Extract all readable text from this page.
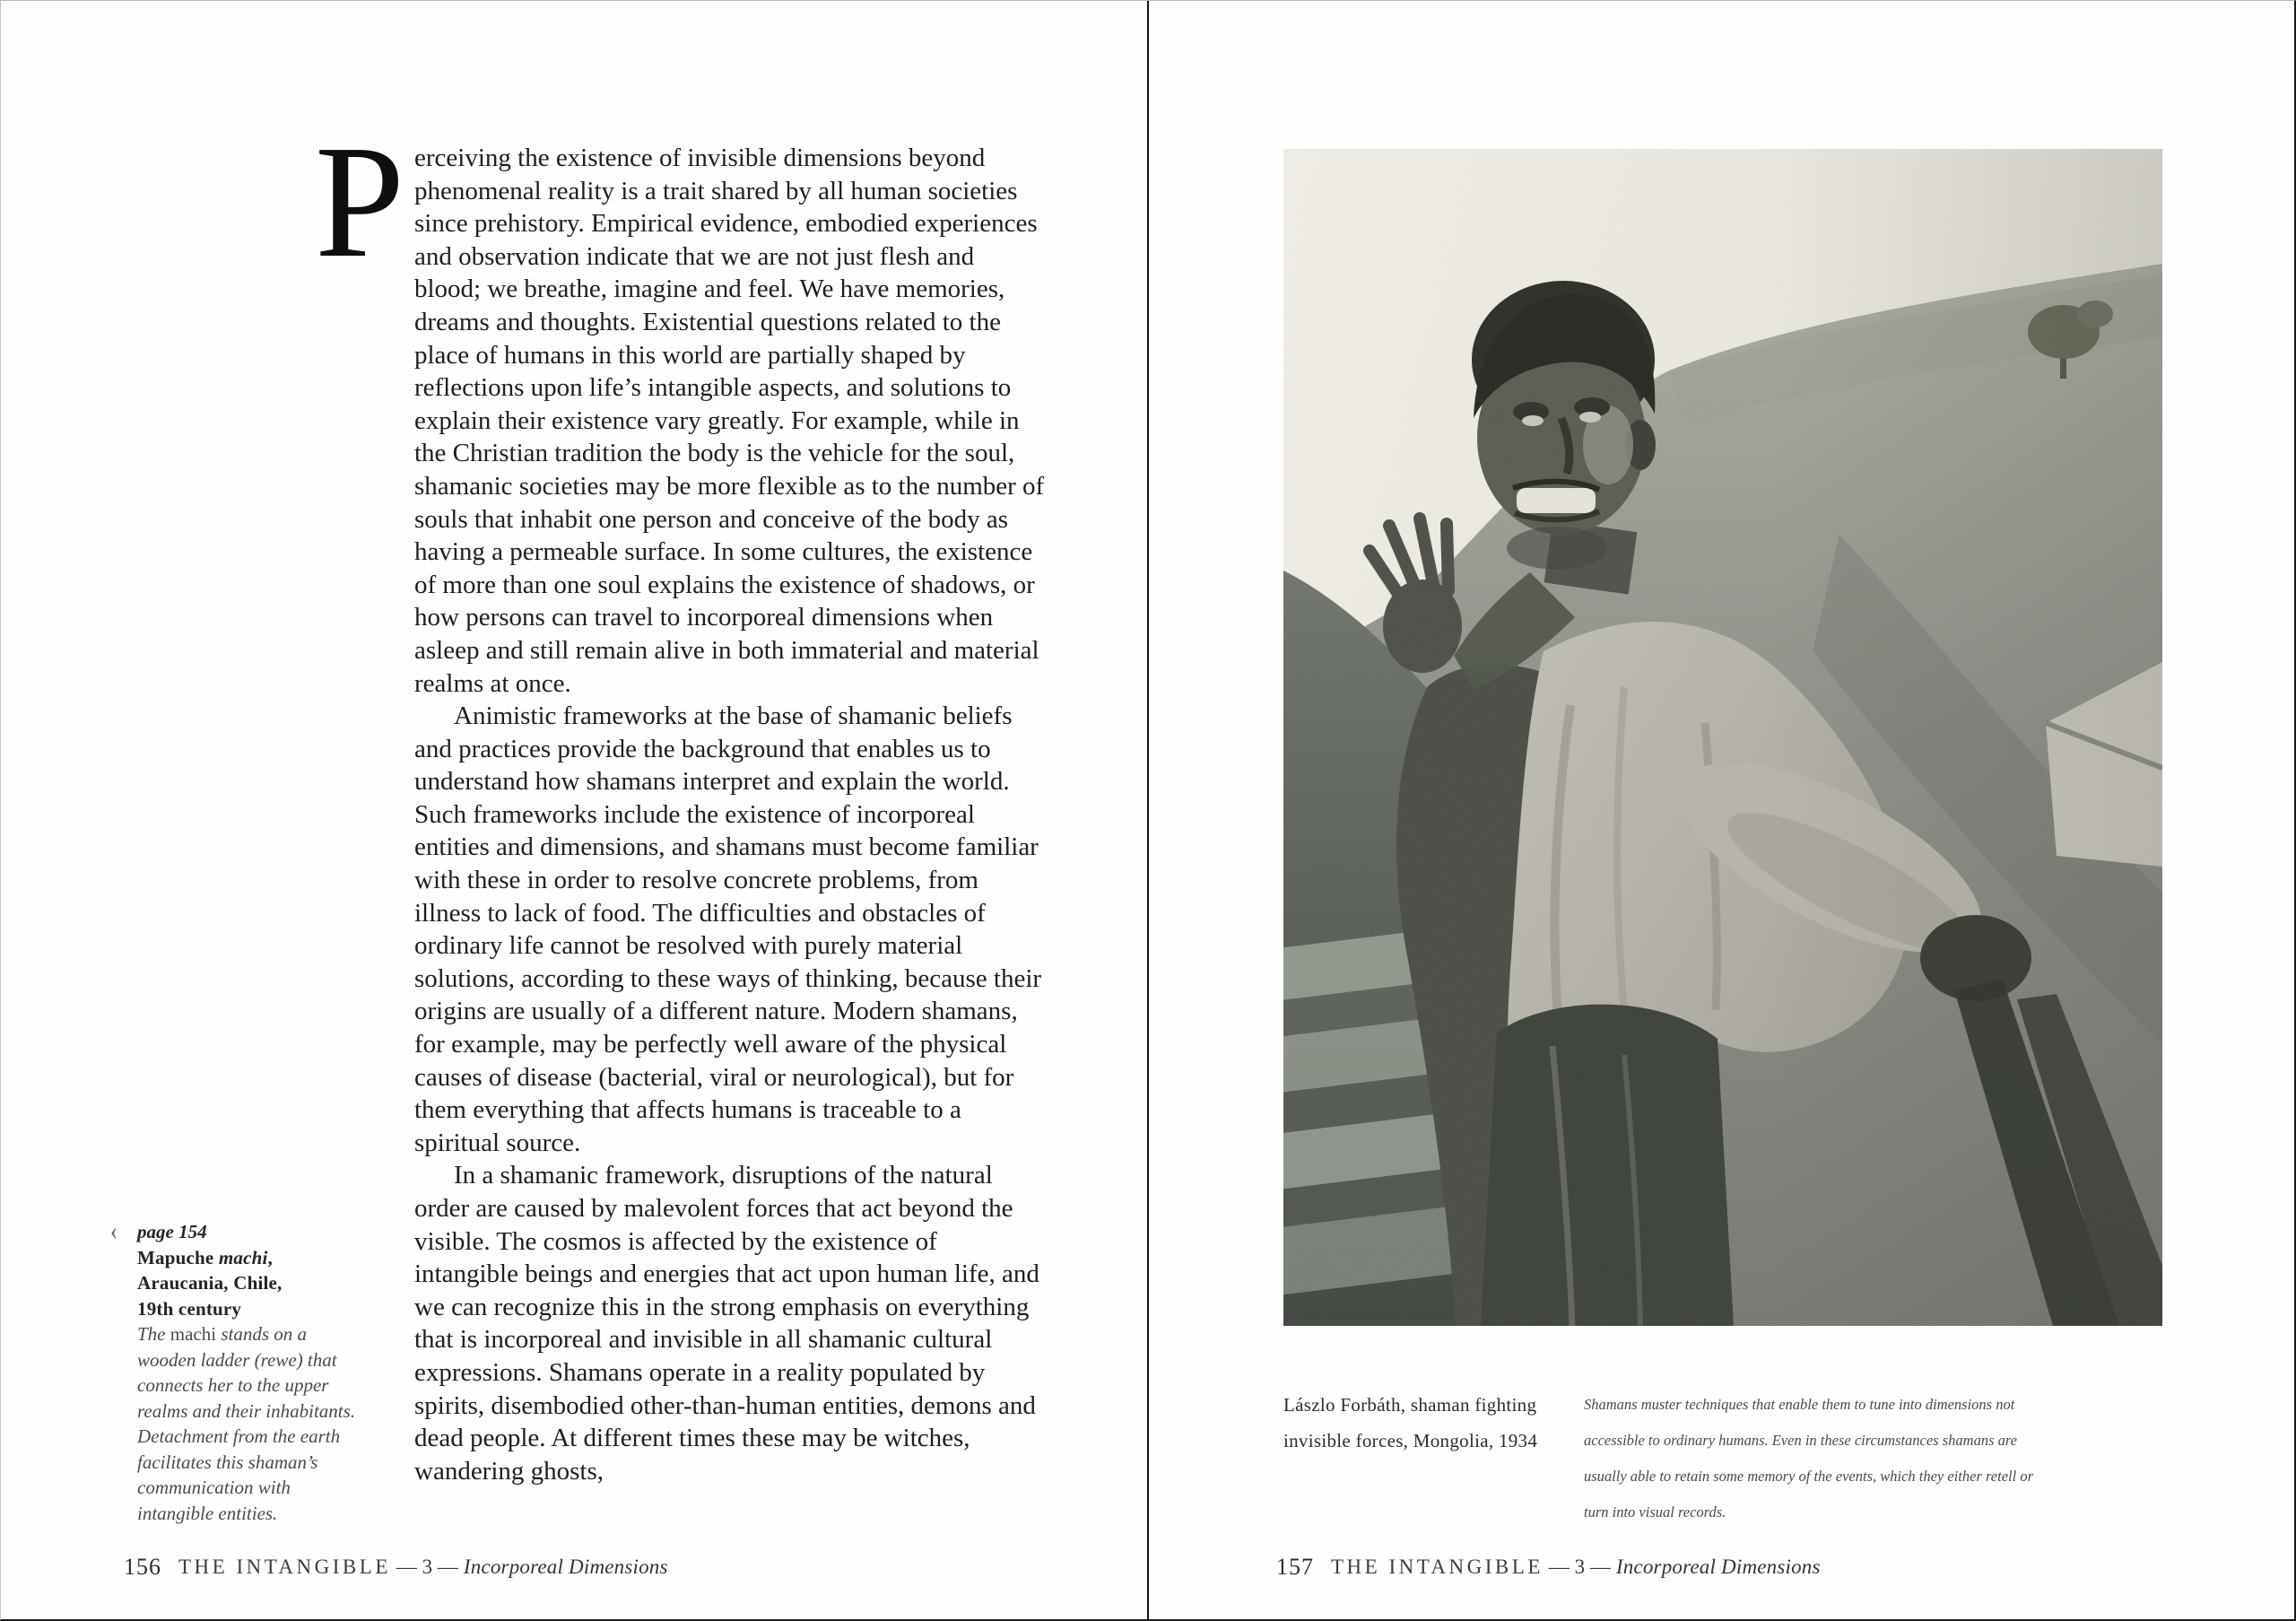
P erceiving the existence of invisible dimensions beyond phenomenal reality is a trait shared by all human societies since prehistory. Empirical evidence, embodied experiences and observation indicate that we are not just flesh and blood; we breathe, imagine and feel. We have memories, dreams and thoughts. Existential questions related to the place of humans in this world are partially shaped by reflections upon life’s intangible aspects, and solutions to explain their existence vary greatly. For example, while in the Christian tradition the body is the vehicle for the soul, shamanic societies may be more flexible as to the number of souls that inhabit one person and conceive of the body as having a permeable surface. In some cultures, the existence of more than one soul explains the existence of shadows, or how persons can travel to incorporeal dimensions when asleep and still remain alive in both immaterial and material realms at once.

Animistic frameworks at the base of shamanic beliefs and practices provide the background that enables us to understand how shamans interpret and explain the world. Such frameworks include the existence of incorporeal entities and dimensions, and shamans must become familiar with these in order to resolve concrete problems, from illness to lack of food. The difficulties and obstacles of ordinary life cannot be resolved with purely material solutions, according to these ways of thinking, because their origins are usually of a different nature. Modern shamans, for example, may be perfectly well aware of the physical causes of disease (bacterial, viral or neurological), but for them everything that affects humans is traceable to a spiritual source.

In a shamanic framework, disruptions of the natural order are caused by malevolent forces that act beyond the visible. The cosmos is affected by the existence of intangible beings and energies that act upon human life, and we can recognize this in the strong emphasis on everything that is incorporeal and invisible in all shamanic cultural expressions. Shamans operate in a reality populated by spirits, disembodied other-than-human entities, demons and dead people. At different times these may be witches, wandering ghosts,

‹	page 154
Mapuche machi,
Araucania, Chile,
19th century
The machi stands on a wooden ladder (rewe) that connects her to the upper realms and their inhabitants. Detachment from the earth facilitates this shaman’s communication with intangible entities.
156 THE INTANGIBLE — 3 — Incorporeal Dimensions
Lászlo Forbáth, shaman fighting
invisible forces, Mongolia, 1934
Shamans muster techniques that enable them to tune into dimensions not accessible to ordinary humans. Even in these circumstances shamans are usually able to retain some memory of the events, which they either retell or turn into visual records.
157 THE INTANGIBLE — 3 — Incorporeal Dimensions
